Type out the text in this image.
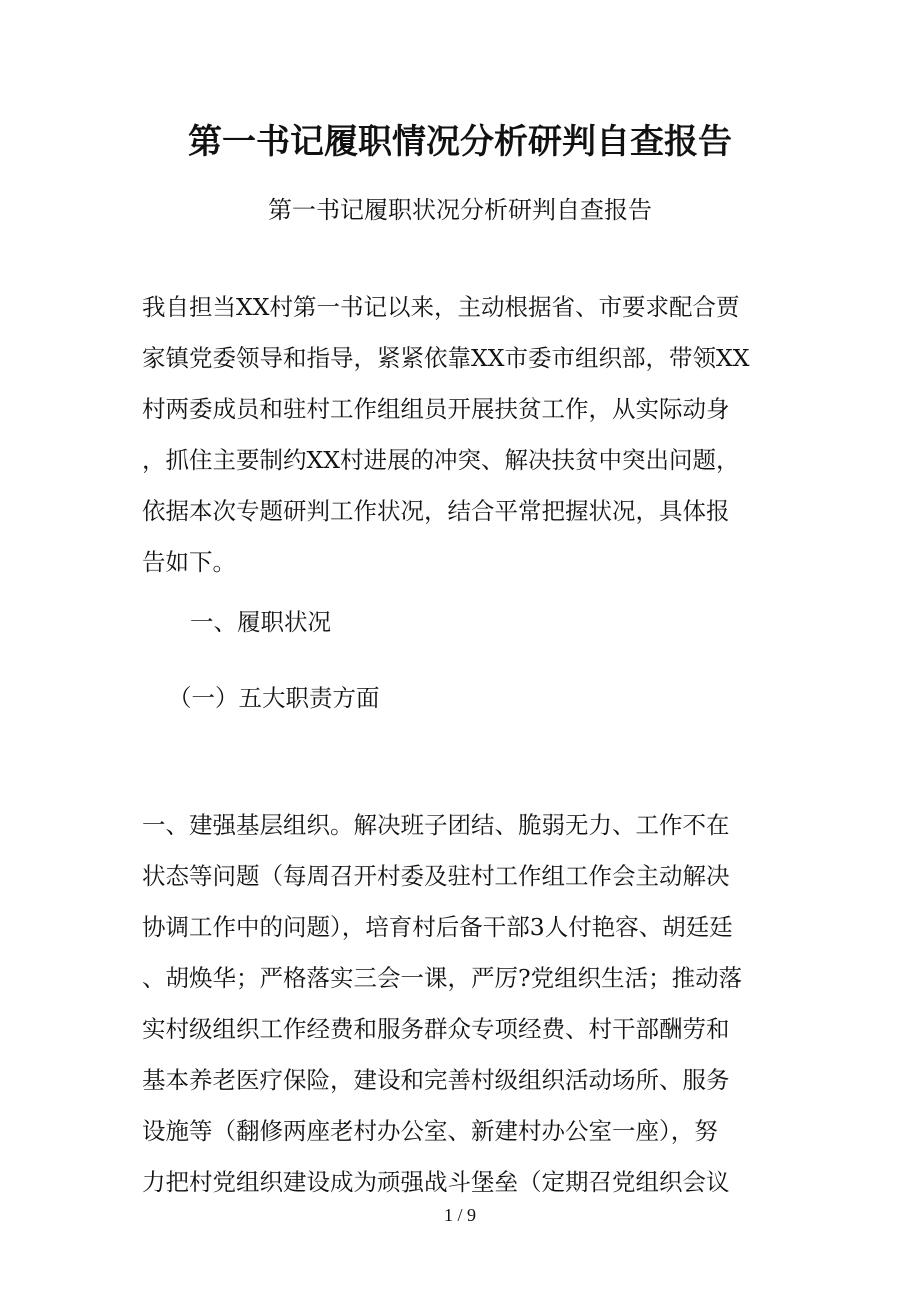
第一书记履职情况分析研判自查报告

第一书记履职状况分析研判自查报告

我自担当XX村第一书记以来，主动根据省、市要求配合贾
家镇党委领导和指导，紧紧依靠XX市委市组织部，带领XX
村两委成员和驻村工作组组员开展扶贫工作，从实际动身
，抓住主要制约XX村进展的冲突、解决扶贫中突出问题，
依据本次专题研判工作状况，结合平常把握状况，具体报
告如下。

一、履职状况

（一）五大职责方面

一、建强基层组织。解决班子团结、脆弱无力、工作不在
状态等问题（每周召开村委及驻村工作组工作会主动解决
协调工作中的问题），培育村后备干部3人付艳容、胡廷廷
、胡焕华；严格落实三会一课，严厉?党组织生活；推动落
实村级组织工作经费和服务群众专项经费、村干部酬劳和
基本养老医疗保险，建设和完善村级组织活动场所、服务
设施等（翻修两座老村办公室、新建村办公室一座），努
力把村党组织建设成为顽强战斗堡垒（定期召党组织会议

1 / 9
